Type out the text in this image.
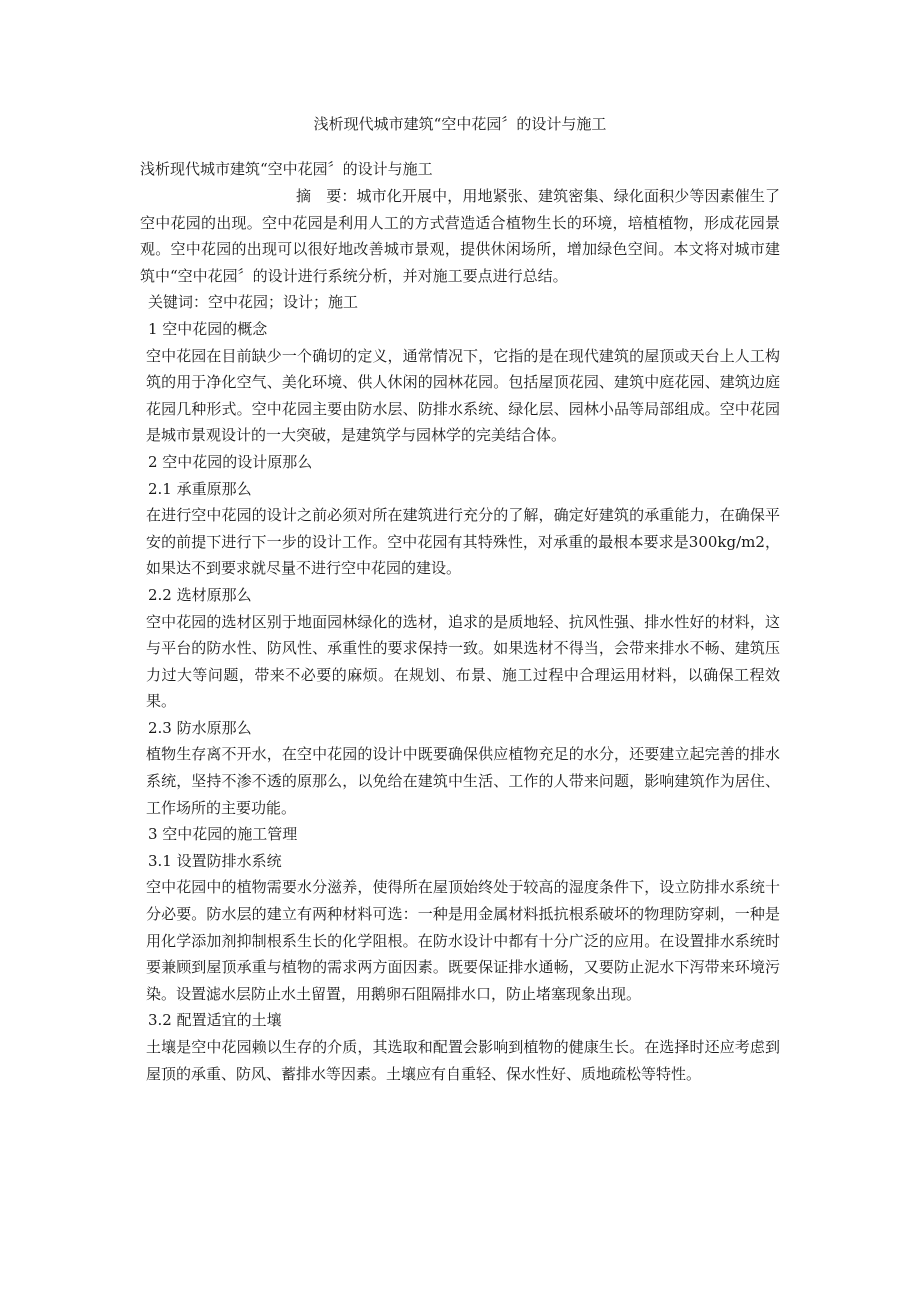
浅析现代城市建筑“空中花园〞的设计与施工
浅析现代城市建筑“空中花园〞的设计与施工

摘　要：城市化开展中，用地紧张、建筑密集、绿化面积少等因素催生了空中花园的出现。空中花园是利用人工的方式营造适合植物生长的环境，培植植物，形成花园景观。空中花园的出现可以很好地改善城市景观，提供休闲场所，增加绿色空间。本文将对城市建筑中“空中花园〞的设计进行系统分析，并对施工要点进行总结。

关键词：空中花园；设计；施工

1 空中花园的概念

空中花园在目前缺少一个确切的定义，通常情况下，它指的是在现代建筑的屋顶或天台上人工构筑的用于净化空气、美化环境、供人休闲的园林花园。包括屋顶花园、建筑中庭花园、建筑边庭花园几种形式。空中花园主要由防水层、防排水系统、绿化层、园林小品等局部组成。空中花园是城市景观设计的一大突破，是建筑学与园林学的完美结合体。

2 空中花园的设计原那么

2.1 承重原那么

在进行空中花园的设计之前必须对所在建筑进行充分的了解，确定好建筑的承重能力，在确保平安的前提下进行下一步的设计工作。空中花园有其特殊性，对承重的最根本要求是300kg/m2，如果达不到要求就尽量不进行空中花园的建设。

2.2 选材原那么

空中花园的选材区别于地面园林绿化的选材，追求的是质地轻、抗风性强、排水性好的材料，这与平台的防水性、防风性、承重性的要求保持一致。如果选材不得当，会带来排水不畅、建筑压力过大等问题，带来不必要的麻烦。在规划、布景、施工过程中合理运用材料，以确保工程效果。

2.3 防水原那么

植物生存离不开水，在空中花园的设计中既要确保供应植物充足的水分，还要建立起完善的排水系统，坚持不渗不透的原那么，以免给在建筑中生活、工作的人带来问题，影响建筑作为居住、工作场所的主要功能。

3 空中花园的施工管理

3.1 设置防排水系统

空中花园中的植物需要水分滋养，使得所在屋顶始终处于较高的湿度条件下，设立防排水系统十分必要。防水层的建立有两种材料可选：一种是用金属材料抵抗根系破坏的物理防穿刺，一种是用化学添加剂抑制根系生长的化学阻根。在防水设计中都有十分广泛的应用。在设置排水系统时要兼顾到屋顶承重与植物的需求两方面因素。既要保证排水通畅，又要防止泥水下泻带来环境污染。设置滤水层防止水土留置，用鹅卵石阻隔排水口，防止堵塞现象出现。

3.2 配置适宜的土壤

土壤是空中花园赖以生存的介质，其选取和配置会影响到植物的健康生长。在选择时还应考虑到屋顶的承重、防风、蓄排水等因素。土壤应有自重轻、保水性好、质地疏松等特性。
